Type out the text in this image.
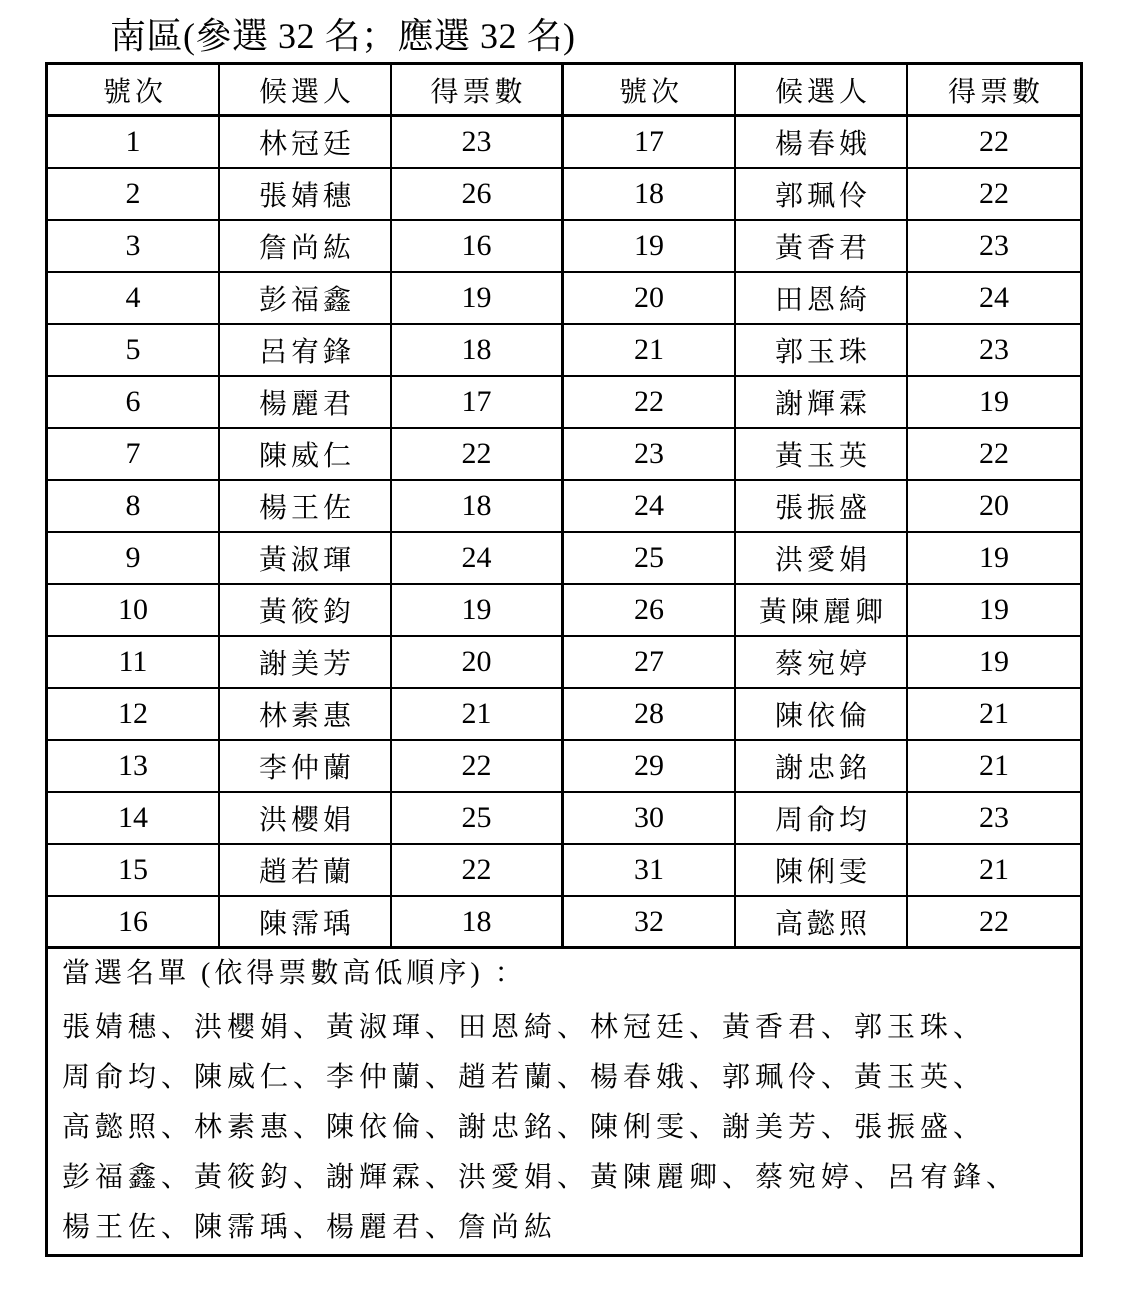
南區(參選 32 名；應選 32 名)
號次	候選人	得票數	號次	候選人	得票數
1	林冠廷	23	17	楊春娥	22
2	張婧穗	26	18	郭珮伶	22
3	詹尚紘	16	19	黃香君	23
4	彭福鑫	19	20	田恩綺	24
5	呂宥鋒	18	21	郭玉珠	23
6	楊麗君	17	22	謝輝霖	19
7	陳威仁	22	23	黃玉英	22
8	楊王佐	18	24	張振盛	20
9	黃淑琿	24	25	洪愛娟	19
10	黃筱鈞	19	26	黃陳麗卿	19
11	謝美芳	20	27	蔡宛婷	19
12	林素惠	21	28	陳依倫	21
13	李仲蘭	22	29	謝忠銘	21
14	洪櫻娟	25	30	周俞均	23
15	趙若蘭	22	31	陳俐雯	21
16	陳霈瑀	18	32	高懿照	22
當選名單 (依得票數高低順序) ：
張婧穗、洪櫻娟、黃淑琿、田恩綺、林冠廷、黃香君、郭玉珠、
周俞均、陳威仁、李仲蘭、趙若蘭、楊春娥、郭珮伶、黃玉英、
高懿照、林素惠、陳依倫、謝忠銘、陳俐雯、謝美芳、張振盛、
彭福鑫、黃筱鈞、謝輝霖、洪愛娟、黃陳麗卿、蔡宛婷、呂宥鋒、
楊王佐、陳霈瑀、楊麗君、詹尚紘
